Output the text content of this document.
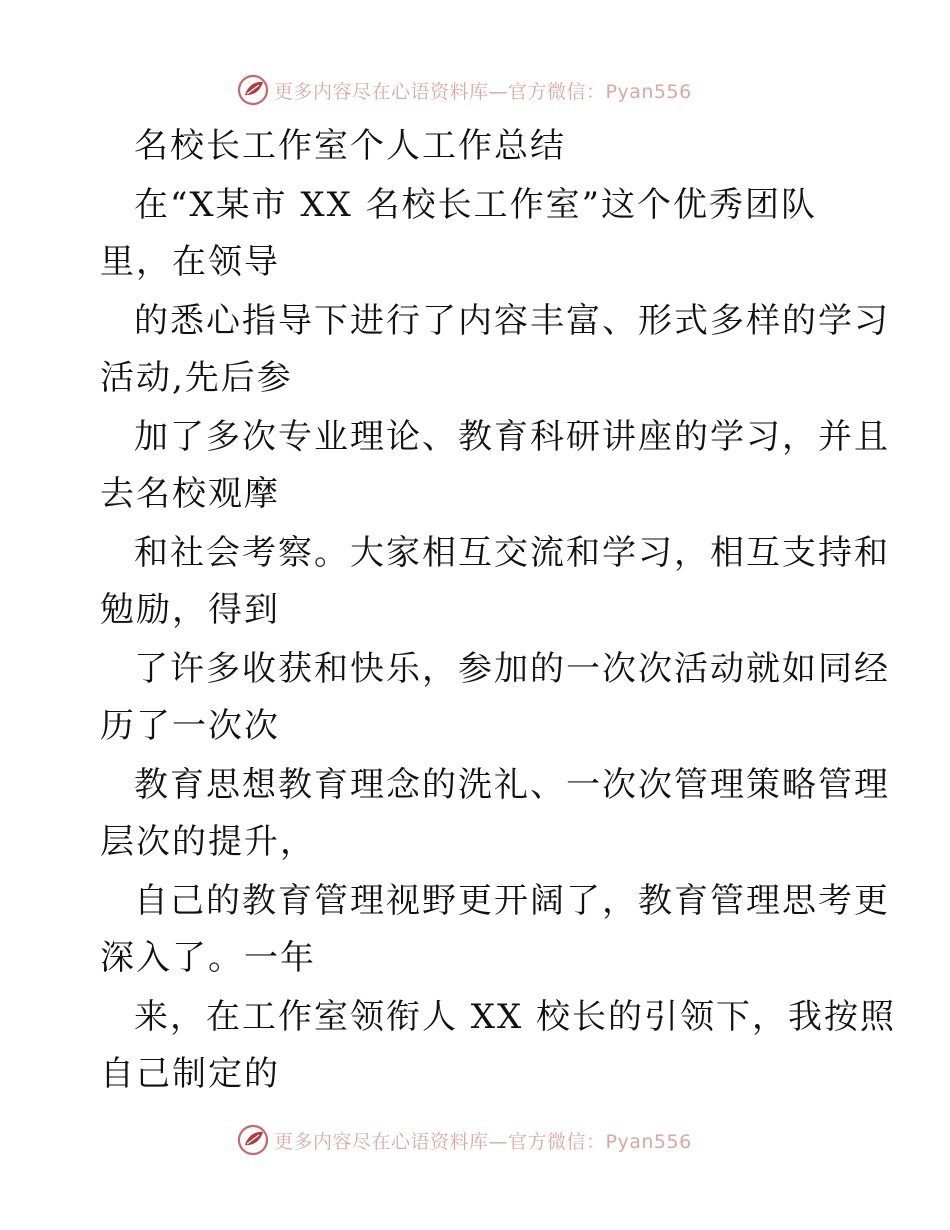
更多内容尽在心语资料库—官方微信：Pyan556
名校长工作室个人工作总结
在“X某市 XX 名校长工作室”这个优秀团队
里，在领导
的悉心指导下进行了内容丰富、形式多样的学习
活动,先后参
加了多次专业理论、教育科研讲座的学习，并且
去名校观摩
和社会考察。大家相互交流和学习，相互支持和
勉励，得到
了许多收获和快乐，参加的一次次活动就如同经
历了一次次
教育思想教育理念的洗礼、一次次管理策略管理
层次的提升，
自己的教育管理视野更开阔了，教育管理思考更
深入了。一年
来，在工作室领衔人 XX 校长的引领下，我按照
自己制定的
更多内容尽在心语资料库—官方微信：Pyan556
